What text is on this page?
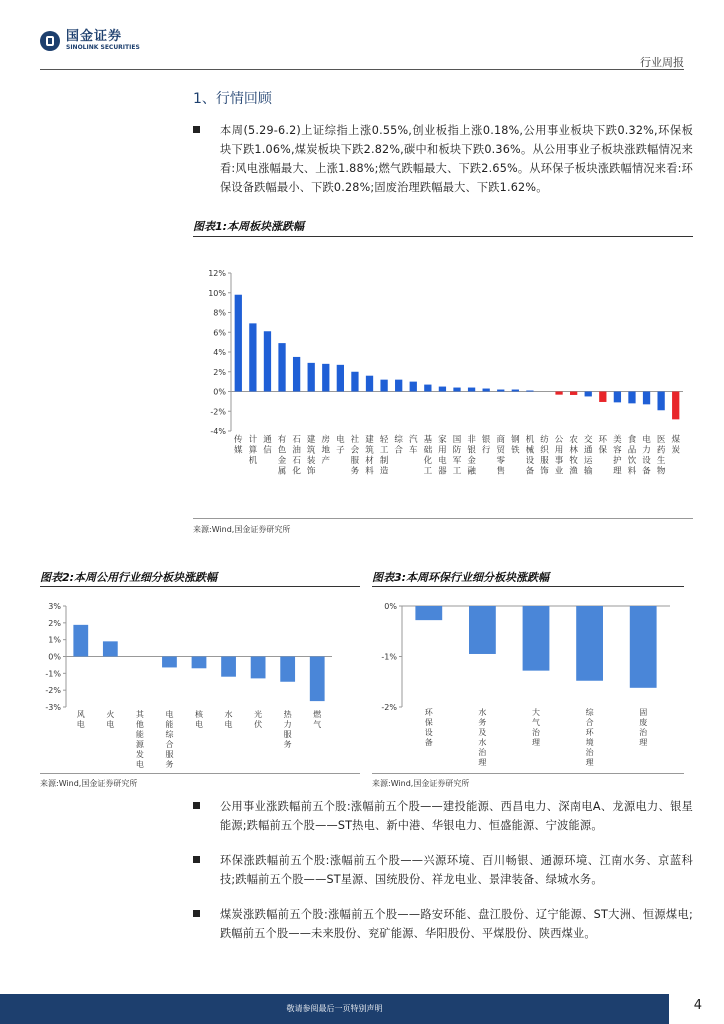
国金证券
SINOLINK SECURITIES
行业周报
1、行情回顾
本周(5.29-6.2)上证综指上涨0.55%,创业板指上涨0.18%,公用事业板块下跌0.32%,环保板块下跌1.06%,煤炭板块下跌2.82%,碳中和板块下跌0.36%。从公用事业子板块涨跌幅情况来看:风电涨幅最大、上涨1.88%;燃气跌幅最大、下跌2.65%。从环保子板块涨跌幅情况来看:环保设备跌幅最小、下跌0.28%;固废治理跌幅最大、下跌1.62%。
图表1:本周板块涨跌幅
-4%
-2%
0%
2%
4%
6%
8%
10%
12%
传媒
计算机
通信
有色金属
石油石化
建筑装饰
房地产
电子
社会服务
建筑材料
轻工制造
综合
汽车
基础化工
家用电器
国防军工
非银金融
银行
商贸零售
钢铁
机械设备
纺织服饰
公用事业
农林牧渔
交通运输
环保
美容护理
食品饮料
电力设备
医药生物
煤炭
来源:Wind,国金证券研究所
图表2:本周公用行业细分板块涨跌幅
-3%
-2%
-1%
0%
1%
2%
3%
风电
火电
其他能源发电
电能综合服务
核电
水电
光伏
热力服务
燃气
来源:Wind,国金证券研究所
图表3:本周环保行业细分板块涨跌幅
-2%
-1%
0%
环保设备
水务及水治理
大气治理
综合环境治理
固废治理
来源:Wind,国金证券研究所
公用事业涨跌幅前五个股:涨幅前五个股——建投能源、西昌电力、深南电A、龙源电力、银星能源;跌幅前五个股——ST热电、新中港、华银电力、恒盛能源、宁波能源。
环保涨跌幅前五个股:涨幅前五个股——兴源环境、百川畅银、通源环境、江南水务、京蓝科技;跌幅前五个股——ST星源、国统股份、祥龙电业、景津装备、绿城水务。
煤炭涨跌幅前五个股:涨幅前五个股——路安环能、盘江股份、辽宁能源、ST大洲、恒源煤电;跌幅前五个股——未来股份、兖矿能源、华阳股份、平煤股份、陕西煤业。
敬请参阅最后一页特别声明	4
